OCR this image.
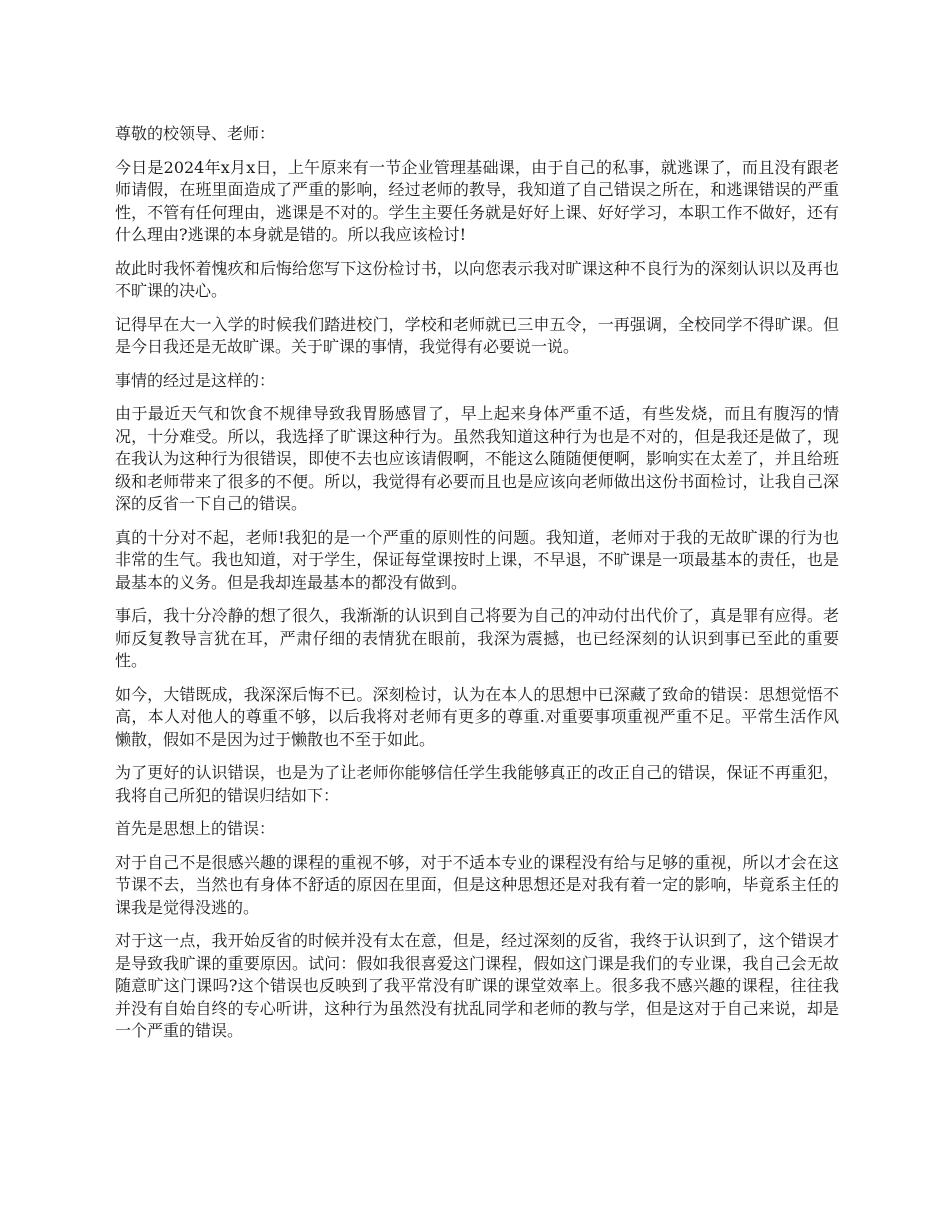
尊敬的校领导、老师：

今日是2024年x月x日，上午原来有一节企业管理基础课，由于自己的私事，就逃课了，而且没有跟老师请假，在班里面造成了严重的影响，经过老师的教导，我知道了自己错误之所在，和逃课错误的严重性，不管有任何理由，逃课是不对的。学生主要任务就是好好上课、好好学习，本职工作不做好，还有什么理由?逃课的本身就是错的。所以我应该检讨!

故此时我怀着愧疚和后悔给您写下这份检讨书，以向您表示我对旷课这种不良行为的深刻认识以及再也不旷课的决心。

记得早在大一入学的时候我们踏进校门，学校和老师就已三申五令，一再强调，全校同学不得旷课。但是今日我还是无故旷课。关于旷课的事情，我觉得有必要说一说。

事情的经过是这样的：

由于最近天气和饮食不规律导致我胃肠感冒了，早上起来身体严重不适，有些发烧，而且有腹泻的情况，十分难受。所以，我选择了旷课这种行为。虽然我知道这种行为也是不对的，但是我还是做了，现在我认为这种行为很错误，即使不去也应该请假啊，不能这么随随便便啊，影响实在太差了，并且给班级和老师带来了很多的不便。所以，我觉得有必要而且也是应该向老师做出这份书面检讨，让我自己深深的反省一下自己的错误。

真的十分对不起，老师!我犯的是一个严重的原则性的问题。我知道，老师对于我的无故旷课的行为也非常的生气。我也知道，对于学生，保证每堂课按时上课，不早退，不旷课是一项最基本的责任，也是最基本的义务。但是我却连最基本的都没有做到。

事后，我十分冷静的想了很久，我渐渐的认识到自己将要为自己的冲动付出代价了，真是罪有应得。老师反复教导言犹在耳，严肃仔细的表情犹在眼前，我深为震撼，也已经深刻的认识到事已至此的重要性。

如今，大错既成，我深深后悔不已。深刻检讨，认为在本人的思想中已深藏了致命的错误：思想觉悟不高，本人对他人的尊重不够，以后我将对老师有更多的尊重.对重要事项重视严重不足。平常生活作风懒散，假如不是因为过于懒散也不至于如此。

为了更好的认识错误，也是为了让老师你能够信任学生我能够真正的改正自己的错误，保证不再重犯，我将自己所犯的错误归结如下：

首先是思想上的错误：

对于自己不是很感兴趣的课程的重视不够，对于不适本专业的课程没有给与足够的重视，所以才会在这节课不去，当然也有身体不舒适的原因在里面，但是这种思想还是对我有着一定的影响，毕竟系主任的课我是觉得没逃的。

对于这一点，我开始反省的时候并没有太在意，但是，经过深刻的反省，我终于认识到了，这个错误才是导致我旷课的重要原因。试问：假如我很喜爱这门课程，假如这门课是我们的专业课，我自己会无故随意旷这门课吗?这个错误也反映到了我平常没有旷课的课堂效率上。很多我不感兴趣的课程，往往我并没有自始自终的专心听讲，这种行为虽然没有扰乱同学和老师的教与学，但是这对于自己来说，却是一个严重的错误。
